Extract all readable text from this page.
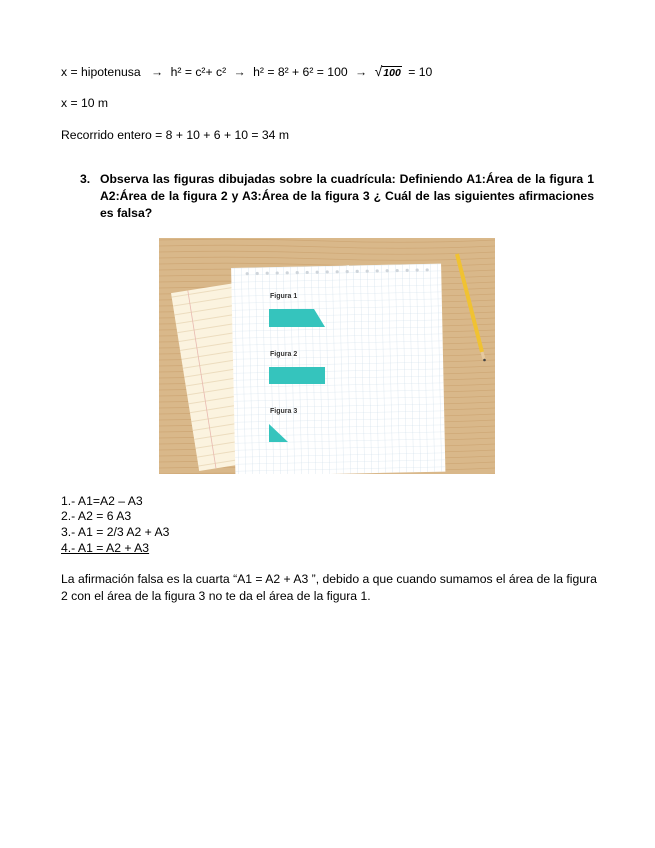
x = hipotenusa → h² = c²+ c² → h² = 8² + 6² = 100 → √100 = 10
x = 10 m
Recorrido entero = 8 + 10 + 6 + 10 = 34 m
3. Observa las figuras dibujadas sobre la cuadrícula: Definiendo A1:Área de la figura 1 A2:Área de la figura 2 y A3:Área de la figura 3 ¿ Cuál de las siguientes afirmaciones es falsa?
Figura 1
Figura 2
Figura 3
1.- A1=A2 – A3
2.- A2 = 6 A3
3.- A1 = 2/3 A2 + A3
4.- A1 = A2 + A3
La afirmación falsa es la cuarta “A1 = A2 + A3 ”, debido a que cuando sumamos el área de la figura 2 con el área de la figura 3 no te da el área de la figura 1.
